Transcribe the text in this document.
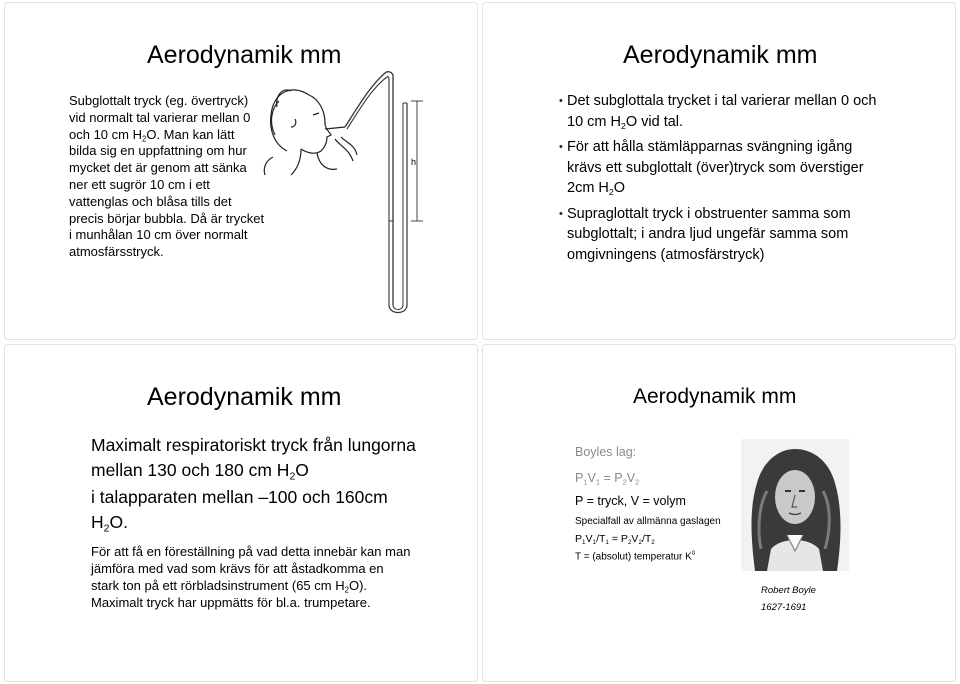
Aerodynamik mm
Subglottalt tryck (eg. övertryck) vid normalt tal varierar mellan 0 och 10 cm $H_2O$. Man kan lätt bilda sig en uppfattning om hur mycket det är genom att sänka ner ett sugrör 10 cm i ett vattenglas och blåsa tills det precis börjar bubbla. Då är trycket i munhålan 10 cm över normalt atmosfärsstryck.
h
Aerodynamik mm
• Det subglottala trycket i tal varierar mellan 0 och 10 cm $H_2O$ vid tal.
• För att hålla stämläpparnas svängning igång krävs ett subglottalt (över)tryck som överstiger 2cm $H_2O$
• Supraglottalt tryck i obstruenter samma som subglottalt; i andra ljud ungefär samma som omgivningens (atmosfärstryck)
Aerodynamik mm

Maximalt respiratoriskt tryck från lungorna mellan 130 och 180 cm $H_2O$

i talapparaten mellan –100 och 160cm $H_2O$.

För att få en föreställning på vad detta innebär kan man jämföra med vad som krävs för att åstadkomma en stark ton på ett rörbladsinstrument (65 cm $H_2O$). Maximalt tryck har uppmätts för bl.a. trumpetare.
Aerodynamik mm
Boyles lag:
$P_1V_1 = P_2V_2$
P = tryck, V = volym
Specialfall av allmänna gaslagen
$P_1V_1/T_1 = P_2V_2/T_2$
T = (absolut) temperatur $K^0$
Robert Boyle
1627-1691
